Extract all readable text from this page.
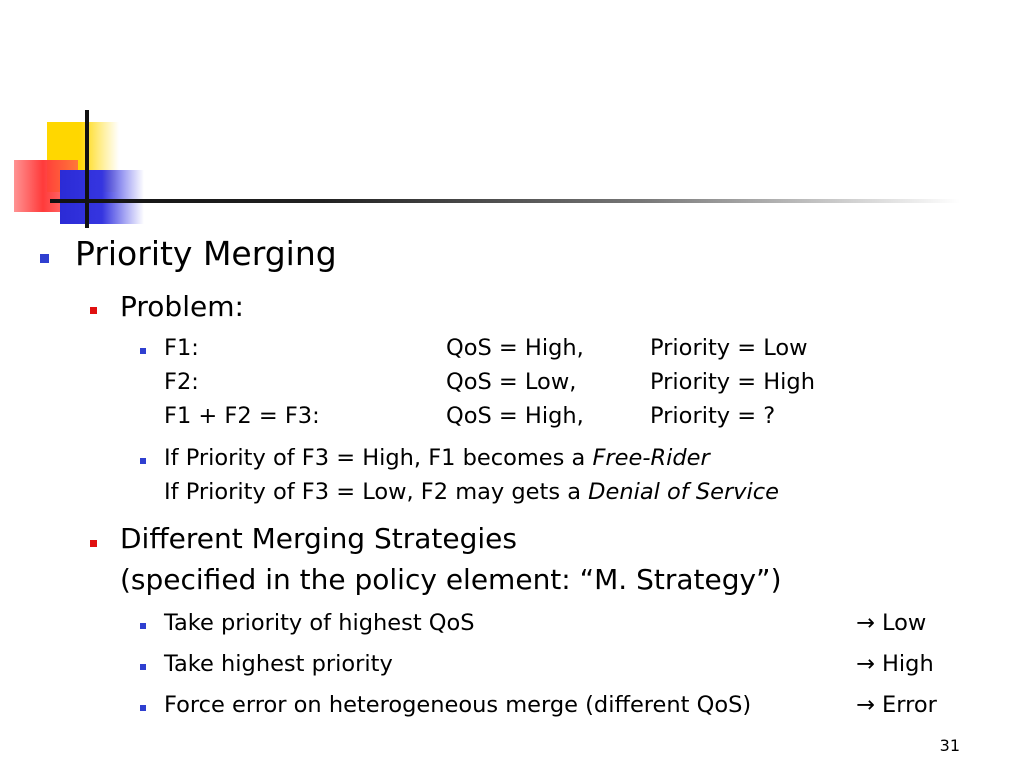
Priority Merging
Problem:
F1:	QoS = High,	Priority = Low
F2:	QoS = Low,	Priority = High
F1 + F2 = F3:	QoS = High,	Priority = ?
If Priority of F3 = High, F1 becomes a Free-Rider
If Priority of F3 = Low, F2 may gets a Denial of Service
Different Merging Strategies
(specified in the policy element: “M. Strategy”)
Take priority of highest QoS	→ Low
Take highest priority	→ High
Force error on heterogeneous merge (different QoS)	→ Error
31
